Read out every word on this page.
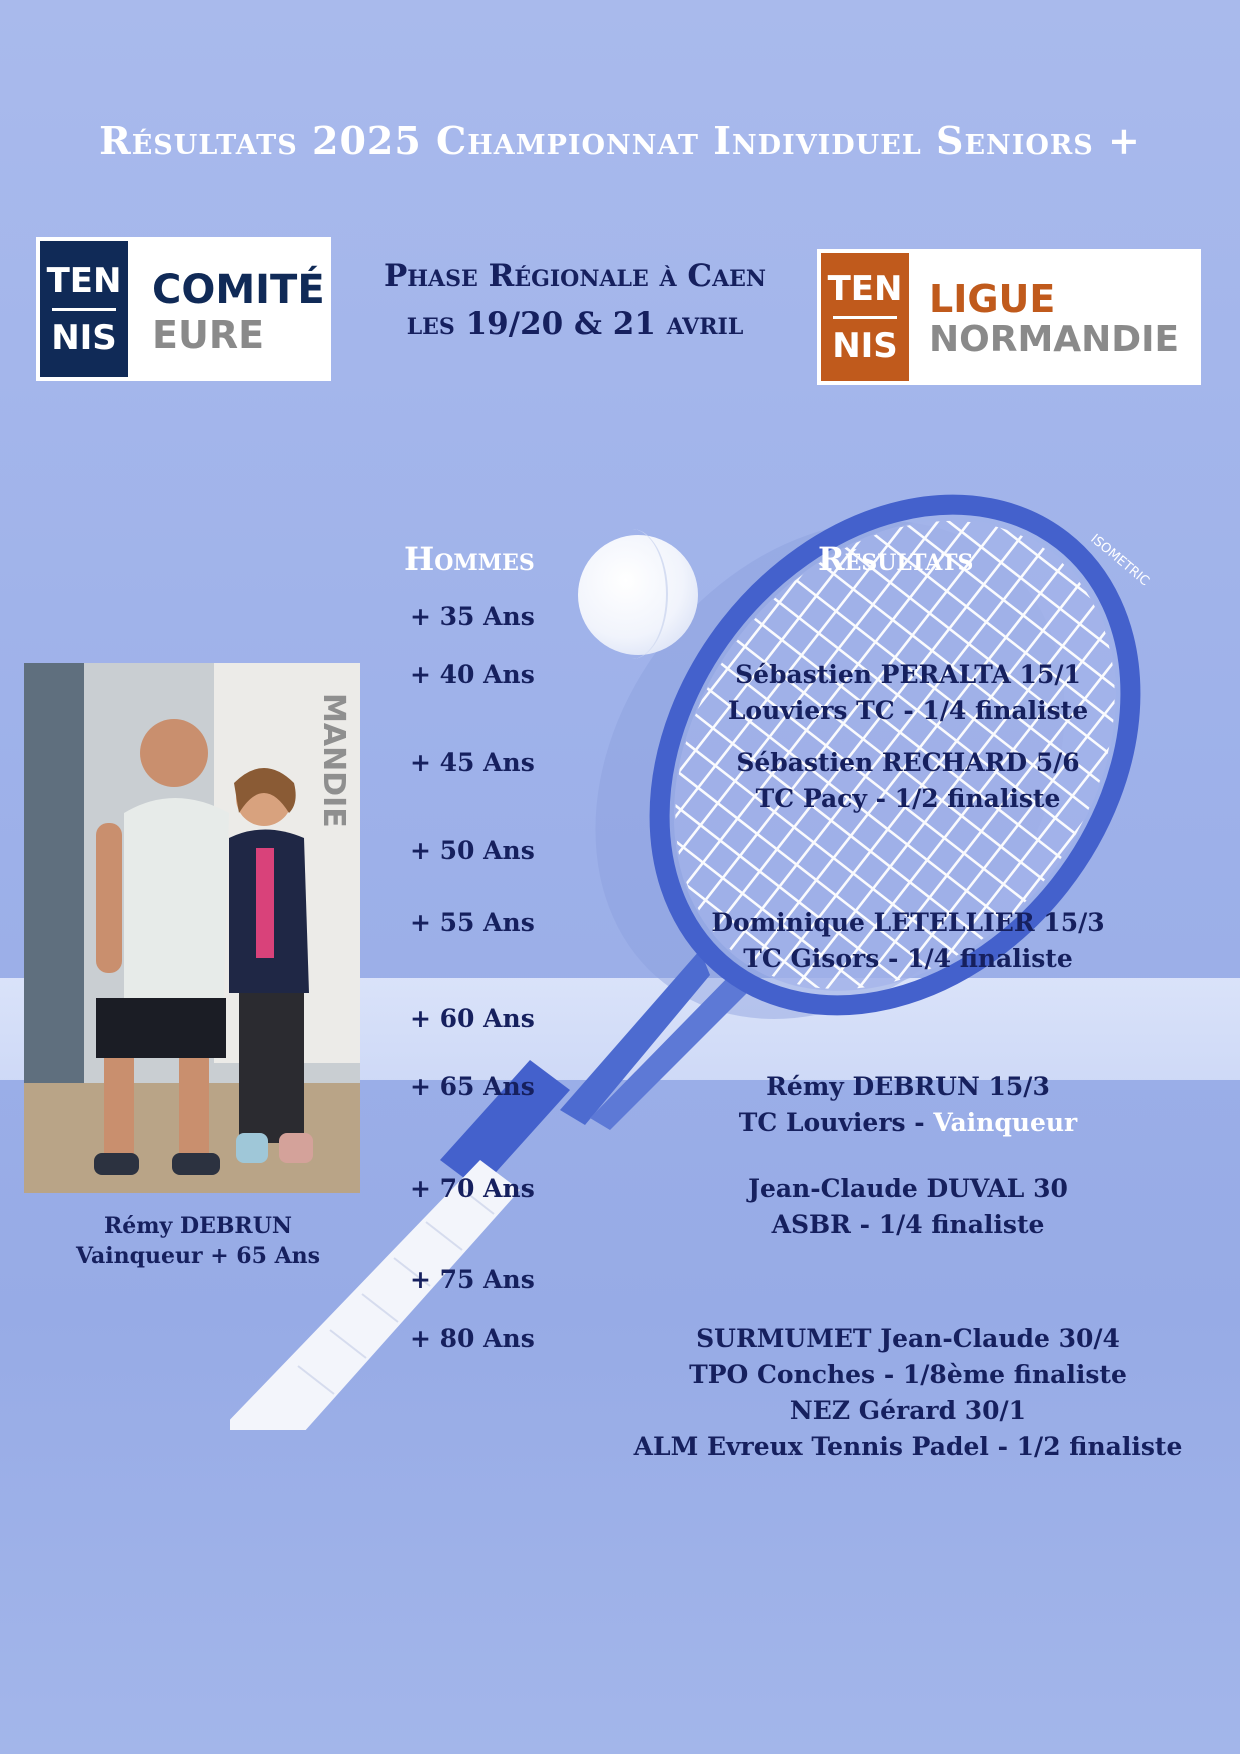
ISOMETRIC
Résultats 2025 Championnat Individuel Seniors +
TEN
NIS
COMITÉ
EURE
Phase Régionale à Caen
les 19/20 & 21 avril
TEN
NIS
LIGUE
NORMANDIE
Hommes	Résultats
+ 35 Ans
+ 40 Ans
+ 45 Ans
+ 50 Ans
+ 55 Ans
+ 60 Ans
+ 65 Ans
+ 70 Ans
+ 75 Ans
+ 80 Ans
Sébastien PERALTA 15/1
Louviers TC - 1/4 finaliste
Sébastien RECHARD 5/6
TC Pacy - 1/2 finaliste
Dominique LETELLIER 15/3
TC Gisors - 1/4 finaliste
Rémy DEBRUN 15/3
TC Louviers - Vainqueur
Jean-Claude DUVAL 30
ASBR - 1/4 finaliste
SURMUMET Jean-Claude 30/4
TPO Conches - 1/8ème finaliste
NEZ Gérard 30/1
ALM Evreux Tennis Padel - 1/2 finaliste
MANDIE
Rémy DEBRUN
Vainqueur + 65 Ans
